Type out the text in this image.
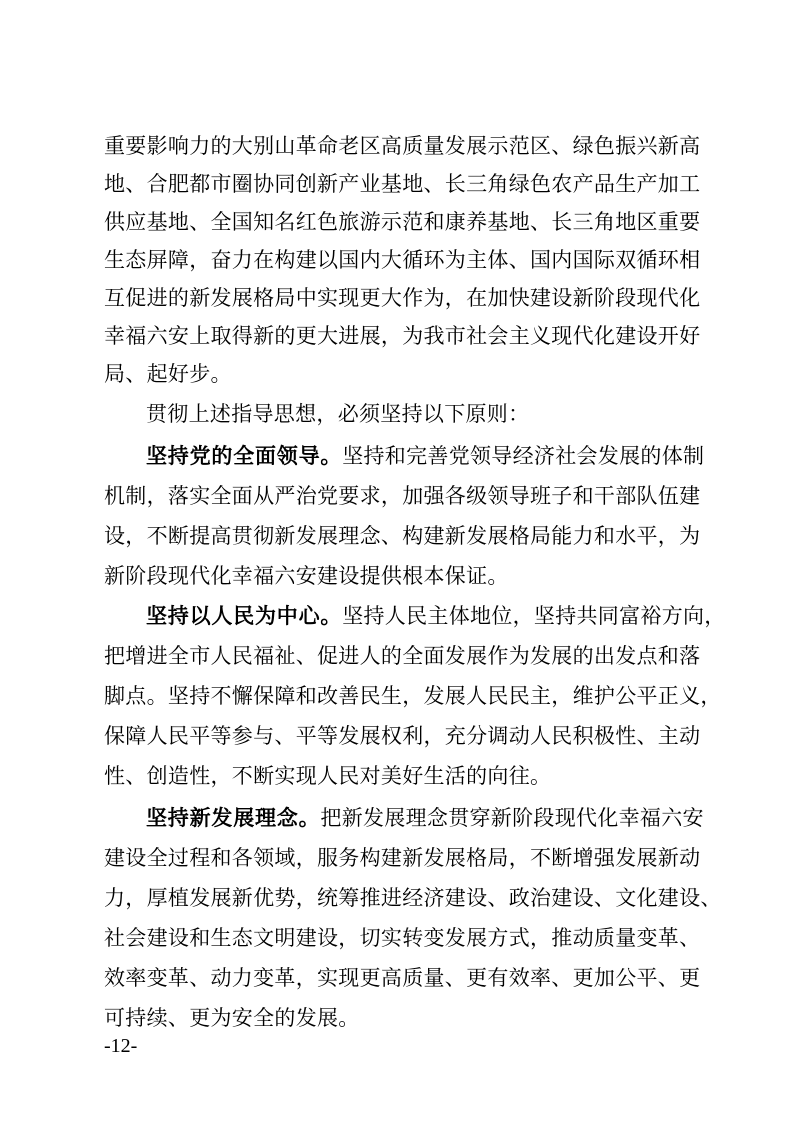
重要影响力的大别山革命老区高质量发展示范区、绿色振兴新高
地、合肥都市圈协同创新产业基地、长三角绿色农产品生产加工
供应基地、全国知名红色旅游示范和康养基地、长三角地区重要
生态屏障，奋力在构建以国内大循环为主体、国内国际双循环相
互促进的新发展格局中实现更大作为，在加快建设新阶段现代化
幸福六安上取得新的更大进展，为我市社会主义现代化建设开好
局、起好步。
贯彻上述指导思想，必须坚持以下原则：
坚持党的全面领导。坚持和完善党领导经济社会发展的体制
机制，落实全面从严治党要求，加强各级领导班子和干部队伍建
设，不断提高贯彻新发展理念、构建新发展格局能力和水平，为
新阶段现代化幸福六安建设提供根本保证。
坚持以人民为中心。坚持人民主体地位，坚持共同富裕方向，
把增进全市人民福祉、促进人的全面发展作为发展的出发点和落
脚点。坚持不懈保障和改善民生，发展人民民主，维护公平正义，
保障人民平等参与、平等发展权利，充分调动人民积极性、主动
性、创造性，不断实现人民对美好生活的向往。
坚持新发展理念。把新发展理念贯穿新阶段现代化幸福六安
建设全过程和各领域，服务构建新发展格局，不断增强发展新动
力，厚植发展新优势，统筹推进经济建设、政治建设、文化建设、
社会建设和生态文明建设，切实转变发展方式，推动质量变革、
效率变革、动力变革，实现更高质量、更有效率、更加公平、更
可持续、更为安全的发展。
-12-
